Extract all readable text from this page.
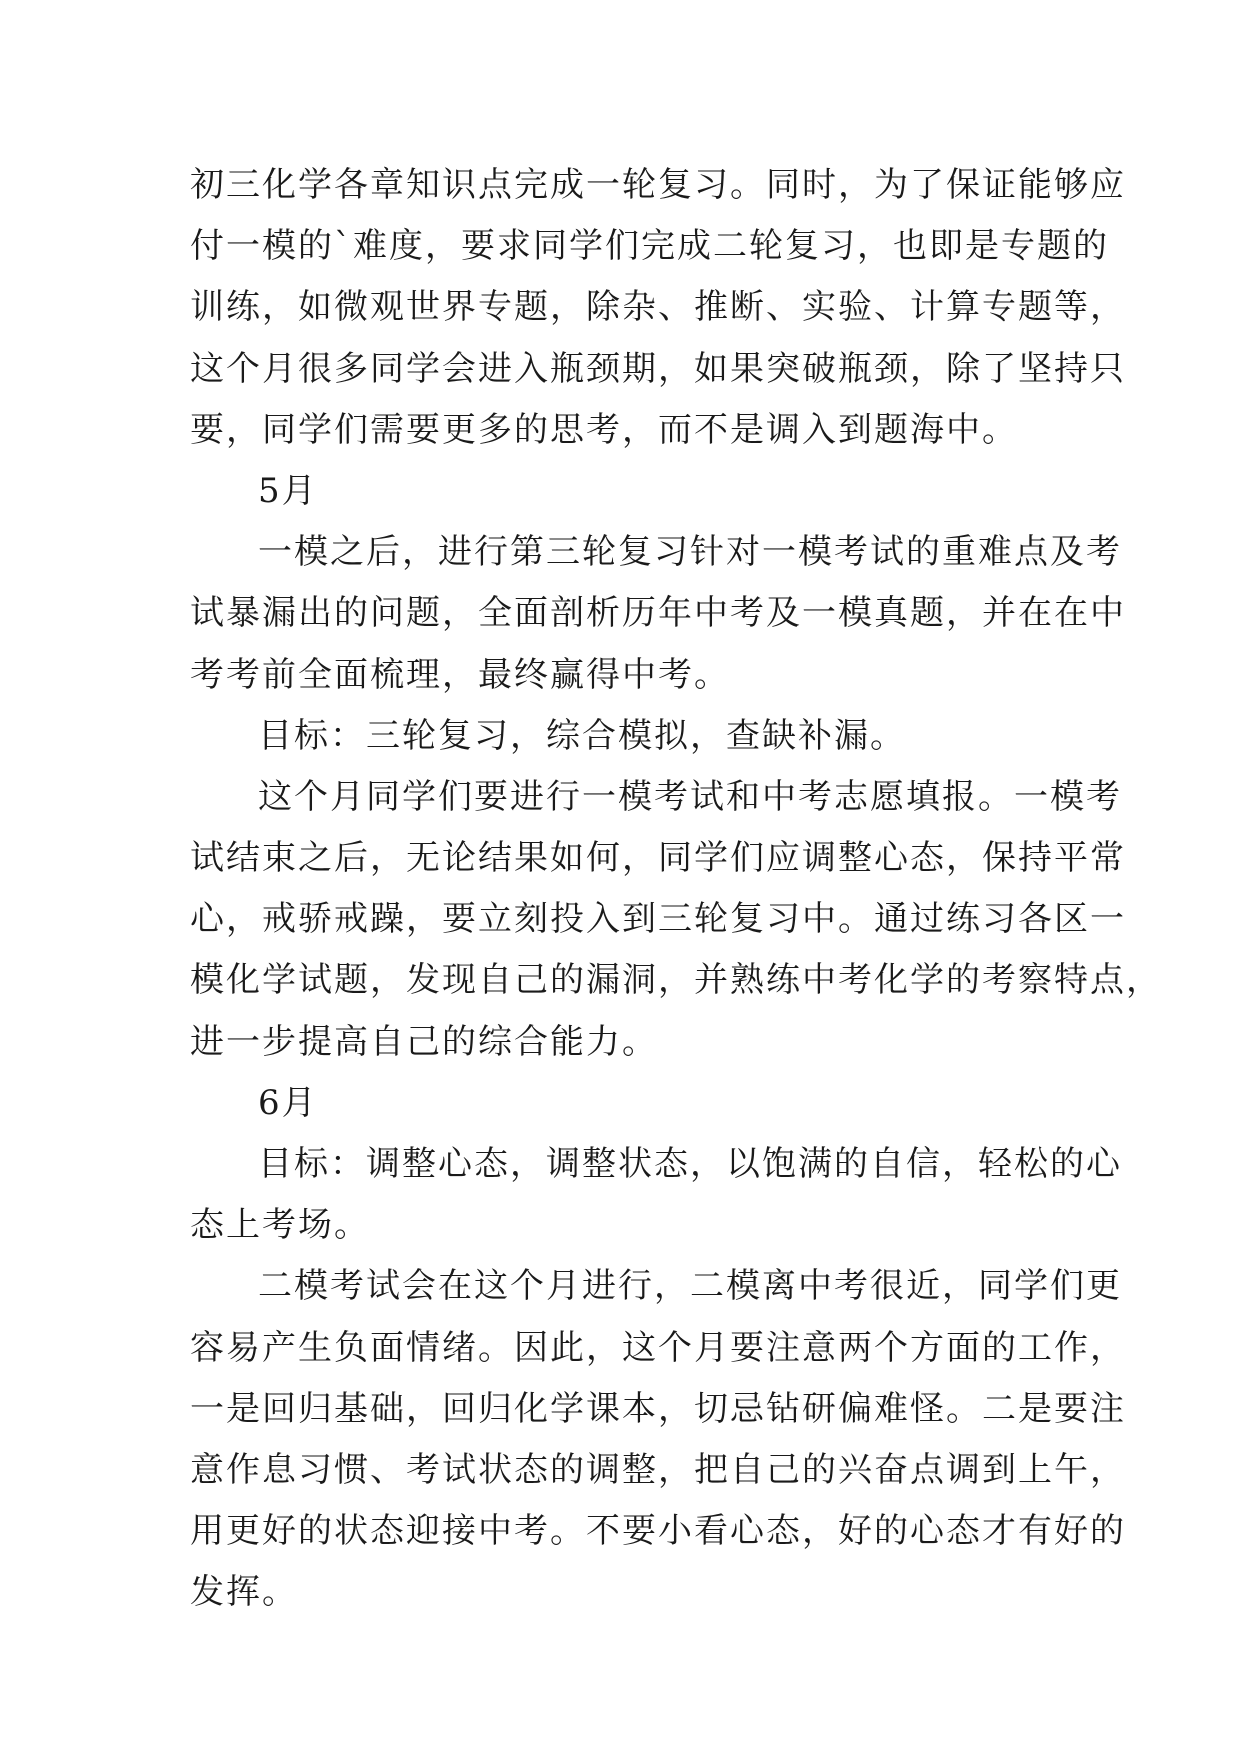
初三化学各章知识点完成一轮复习。同时，为了保证能够应
付一模的`难度，要求同学们完成二轮复习，也即是专题的
训练，如微观世界专题，除杂、推断、实验、计算专题等，
这个月很多同学会进入瓶颈期，如果突破瓶颈，除了坚持只
要，同学们需要更多的思考，而不是调入到题海中。
5月
一模之后，进行第三轮复习针对一模考试的重难点及考
试暴漏出的问题，全面剖析历年中考及一模真题，并在在中
考考前全面梳理，最终赢得中考。
目标：三轮复习，综合模拟，查缺补漏。
这个月同学们要进行一模考试和中考志愿填报。一模考
试结束之后，无论结果如何，同学们应调整心态，保持平常
心，戒骄戒躁，要立刻投入到三轮复习中。通过练习各区一
模化学试题，发现自己的漏洞，并熟练中考化学的考察特点，
进一步提高自己的综合能力。
6月
目标：调整心态，调整状态，以饱满的自信，轻松的心
态上考场。
二模考试会在这个月进行，二模离中考很近，同学们更
容易产生负面情绪。因此，这个月要注意两个方面的工作，
一是回归基础，回归化学课本，切忌钻研偏难怪。二是要注
意作息习惯、考试状态的调整，把自己的兴奋点调到上午，
用更好的状态迎接中考。不要小看心态，好的心态才有好的
发挥。
